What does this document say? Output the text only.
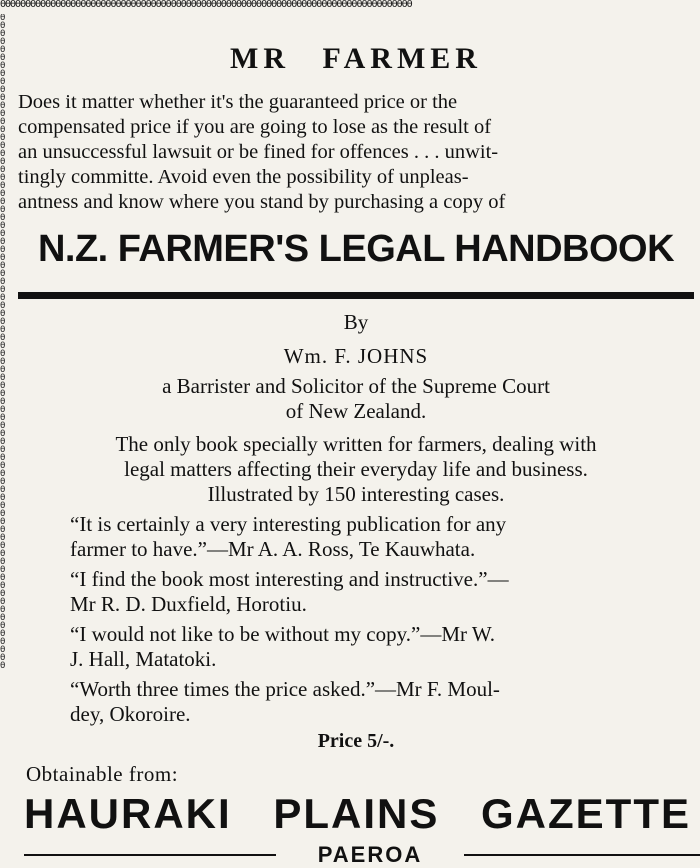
ϴϴϴϴϴϴϴϴϴϴϴϴϴϴϴϴϴϴϴϴϴϴϴϴϴϴϴϴϴϴϴϴϴϴϴϴϴϴϴϴϴϴϴϴϴϴϴϴϴϴϴϴϴϴϴϴϴϴϴϴϴϴϴϴϴϴϴϴϴϴϴϴϴϴϴϴϴϴϴϴϴϴ
ϴϴϴϴϴϴϴϴϴϴϴϴϴϴϴϴϴϴϴϴϴϴϴϴϴϴϴϴϴϴϴϴϴϴϴϴϴϴϴϴϴϴϴϴϴϴϴϴϴϴϴϴϴϴϴϴϴϴϴϴϴϴϴϴϴϴϴϴϴϴϴϴϴϴϴϴϴϴϴϴϴϴ
MR FARMER
Does it matter whether it's the guaranteed price or the
compensated price if you are going to lose as the result of
an unsuccessful lawsuit or be fined for offences . . . unwit-
tingly committe. Avoid even the possibility of unpleas-
antness and know where you stand by purchasing a copy of
N.Z. FARMER'S LEGAL HANDBOOK
By
Wm. F. JOHNS
a Barrister and Solicitor of the Supreme Court
of New Zealand.
The only book specially written for farmers, dealing with
legal matters affecting their everyday life and business.
Illustrated by 150 interesting cases.
“It is certainly a very interesting publication for any
farmer to have.”—Mr A. A. Ross, Te Kauwhata.
“I find the book most interesting and instructive.”—
Mr R. D. Duxfield, Horotiu.
“I would not like to be without my copy.”—Mr W.
J. Hall, Matatoki.
“Worth three times the price asked.”—Mr F. Moul-
dey, Okoroire.
Price 5/-.
Obtainable from:
HAURAKI PLAINS GAZETTE
PAEROA
